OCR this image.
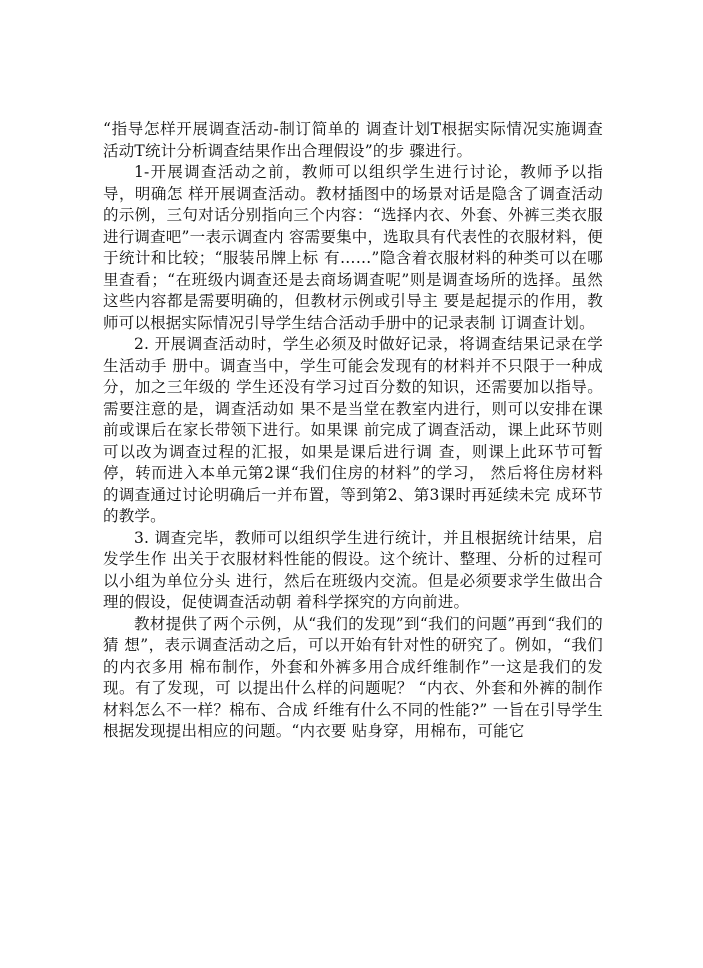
“指导怎样开展调查活动-制订简单的 调查计划T根据实际情况实施调查活动T统计分析调查结果作出合理假设”的步 骤进行。

1-开展调查活动之前，教师可以组织学生进行讨论，教师予以指导，明确怎 样开展调查活动。教材插图中的场景对话是隐含了调查活动的示例，三句对话分别指向三个内容：“选择内衣、外套、外裤三类衣服进行调查吧”一表示调查内 容需要集中，选取具有代表性的衣服材料，便于统计和比较；“服装吊牌上标 有……”隐含着衣服材料的种类可以在哪里查看；“在班级内调查还是去商场调查呢”则是调查场所的选择。虽然这些内容都是需要明确的，但教材示例或引导主 要是起提示的作用，教师可以根据实际情况引导学生结合活动手册中的记录表制 订调查计划。

2. 开展调查活动时，学生必须及时做好记录，将调查结果记录在学生活动手 册中。调查当中，学生可能会发现有的材料并不只限于一种成分，加之三年级的 学生还没有学习过百分数的知识，还需要加以指导。需要注意的是，调查活动如 果不是当堂在教室内进行，则可以安排在课前或课后在家长带领下进行。如果课 前完成了调查活动，课上此环节则可以改为调查过程的汇报，如果是课后进行调 查，则课上此环节可暂停，转而进入本单元第2课“我们住房的材料”的学习， 然后将住房材料的调查通过讨论明确后一并布置，等到第2、第3课时再延续未完 成环节的教学。

3. 调查完毕，教师可以组织学生进行统计，并且根据统计结果，启发学生作 出关于衣服材料性能的假设。这个统计、整理、分析的过程可以小组为单位分头 进行，然后在班级内交流。但是必须要求学生做出合理的假设，促使调查活动朝 着科学探究的方向前进。

教材提供了两个示例，从“我们的发现”到“我们的问题”再到“我们的猜 想”，表示调查活动之后，可以开始有针对性的研究了。例如，“我们的内衣多用 棉布制作，外套和外裤多用合成纤维制作”一这是我们的发现。有了发现，可 以提出什么样的问题呢？ “内衣、外套和外裤的制作材料怎么不一样？棉布、合成 纤维有什么不同的性能?” 一旨在引导学生根据发现提出相应的问题。“内衣要 贴身穿，用棉布，可能它
